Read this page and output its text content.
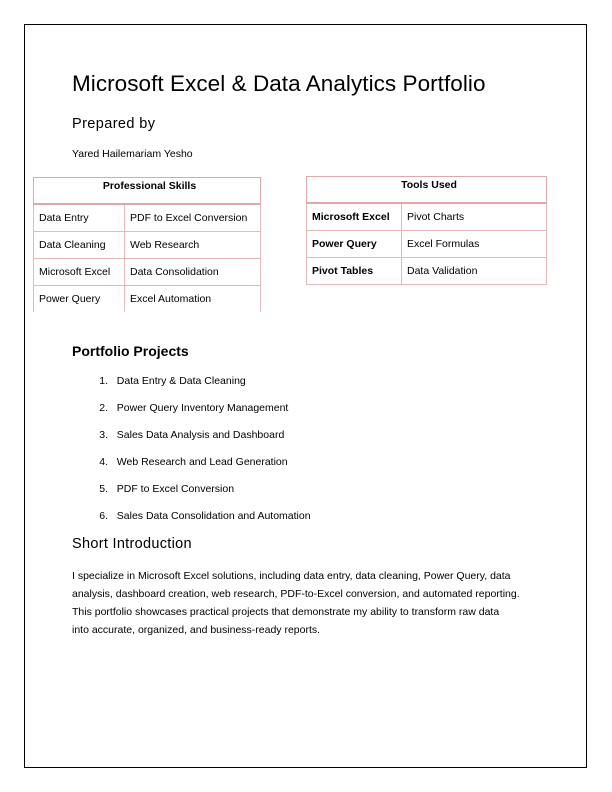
Microsoft Excel & Data Analytics Portfolio
Prepared by
Yared Hailemariam Yesho
Professional Skills	
Data Entry	PDF to Excel Conversion
Data Cleaning	Web Research
Microsoft Excel	Data Consolidation
Power Query	Excel Automation
Tools Used	
Microsoft Excel	Pivot Charts
Power Query	Excel Formulas
Pivot Tables	Data Validation
Portfolio Projects
1. Data Entry & Data Cleaning
2. Power Query Inventory Management
3. Sales Data Analysis and Dashboard
4. Web Research and Lead Generation
5. PDF to Excel Conversion
6. Sales Data Consolidation and Automation
Short Introduction
I specialize in Microsoft Excel solutions, including data entry, data cleaning, Power Query, data
analysis, dashboard creation, web research, PDF-to-Excel conversion, and automated reporting.
This portfolio showcases practical projects that demonstrate my ability to transform raw data
into accurate, organized, and business-ready reports.
